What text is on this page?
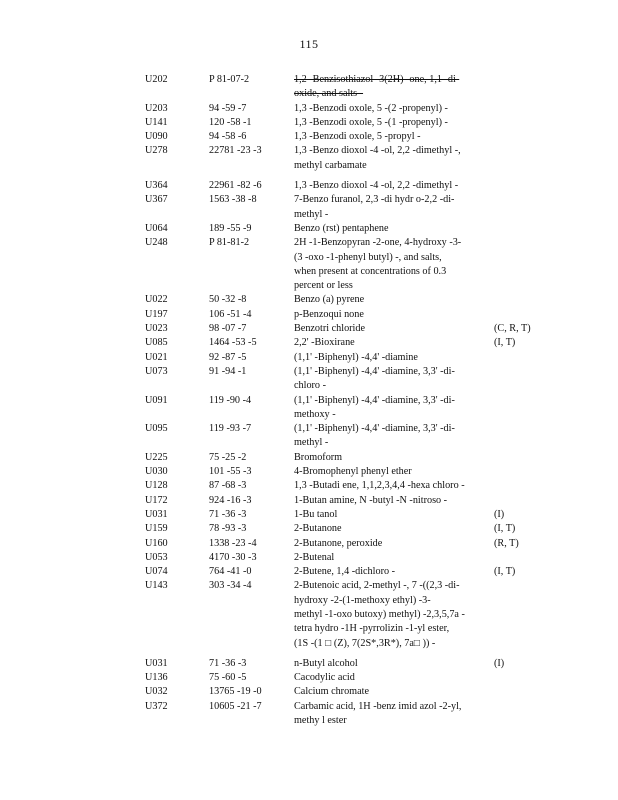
115
U202	P 81-07-2	1,2 -Benzisothiazol -3(2H) -one, 1,1 -di-
oxide, and salts -
U203	94 -59 -7	1,3 -Benzodi oxole, 5 -(2 -propenyl) -
U141	120 -58 -1	1,3 -Benzodi oxole, 5 -(1 -propenyl) -
U090	94 -58 -6	1,3 -Benzodi oxole, 5 -propyl -
U278	22781 -23 -3	1,3 -Benzo dioxol -4 -ol, 2,2 -dimethyl -,
methyl carbamate
U364	22961 -82 -6	1,3 -Benzo dioxol -4 -ol, 2,2 -dimethyl -
U367	1563 -38 -8	7-Benzo furanol, 2,3 -di hydr o-2,2 -di-
methyl -
U064	189 -55 -9	Benzo (rst) pentaphene
U248	P 81-81-2	2H -1-Benzopyran -2-one, 4-hydroxy -3-
(3 -oxo -1-phenyl butyl) -, and salts,
when present at concentrations of 0.3
percent or less
U022	50 -32 -8	Benzo (a) pyrene
U197	106 -51 -4	p-Benzoqui none
U023	98 -07 -7	Benzotri chloride	(C, R, T)
U085	1464 -53 -5	2,2' -Bioxirane	(I, T)
U021	92 -87 -5	(1,1' -Biphenyl) -4,4' -diamine
U073	91 -94 -1	(1,1' -Biphenyl) -4,4' -diamine, 3,3' -di-
chloro -
U091	119 -90 -4	(1,1' -Biphenyl) -4,4' -diamine, 3,3' -di-
methoxy -
U095	119 -93 -7	(1,1' -Biphenyl) -4,4' -diamine, 3,3' -di-
methyl -
U225	75 -25 -2	Bromoform
U030	101 -55 -3	4-Bromophenyl phenyl ether
U128	87 -68 -3	1,3 -Butadi ene, 1,1,2,3,4,4 -hexa chloro -
U172	924 -16 -3	1-Butan amine, N -butyl -N -nitroso -
U031	71 -36 -3	1-Bu tanol	(I)
U159	78 -93 -3	2-Butanone	(I, T)
U160	1338 -23 -4	2-Butanone, peroxide	(R, T)
U053	4170 -30 -3	2-Butenal
U074	764 -41 -0	2-Butene, 1,4 -dichloro -	(I, T)
U143	303 -34 -4	2-Butenoic acid, 2-methyl -, 7 -((2,3 -di-
hydroxy -2-(1-methoxy ethyl) -3-
methyl -1-oxo butoxy) methyl) -2,3,5,7a -
tetra hydro -1H -pyrrolizin -1-yl ester,
(1S -(1 □ (Z), 7(2S*,3R*), 7a□ )) -
U031	71 -36 -3	n-Butyl alcohol	(I)
U136	75 -60 -5	Cacodylic acid
U032	13765 -19 -0	Calcium chromate
U372	10605 -21 -7	Carbamic acid, 1H -benz imid azol -2-yl,
methy l ester
